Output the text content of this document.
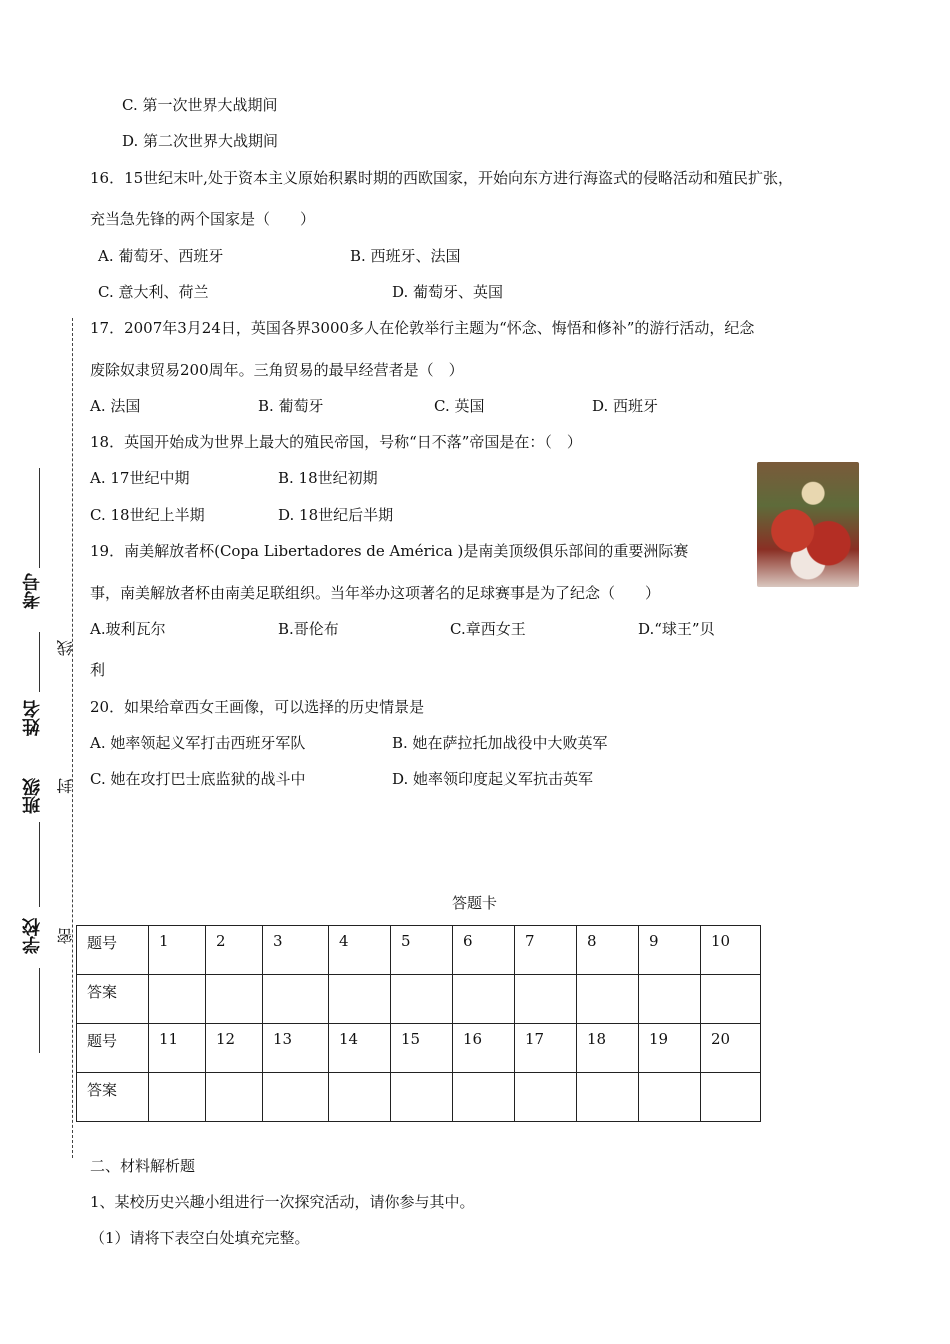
C. 第一次世界大战期间
D. 第二次世界大战期间
16．15世纪末叶,处于资本主义原始积累时期的西欧国家，开始向东方进行海盗式的侵略活动和殖民扩张，
充当急先锋的两个国家是（　　）
A. 葡萄牙、西班牙	B. 西班牙、法国
C. 意大利、荷兰	D. 葡萄牙、英国
17．2007年3月24日，英国各界3000多人在伦敦举行主题为“怀念、悔悟和修补”的游行活动，纪念
废除奴隶贸易200周年。三角贸易的最早经营者是（　）
A. 法国	B. 葡萄牙	C. 英国	D. 西班牙
18．英国开始成为世界上最大的殖民帝国，号称“日不落”帝国是在：（　）
A. 17世纪中期	B. 18世纪初期
C. 18世纪上半期	D. 18世纪后半期
19．南美解放者杯(Copa Libertadores de América )是南美顶级俱乐部间的重要洲际赛
事，南美解放者杯由南美足联组织。当年举办这项著名的足球赛事是为了纪念（　　）
A.玻利瓦尔	B.哥伦布	C.章西女王	D.“球王”贝
利
20．如果给章西女王画像，可以选择的历史情景是
A. 她率领起义军打击西班牙军队	B. 她在萨拉托加战役中大败英军
C. 她在攻打巴士底监狱的战斗中	D. 她率领印度起义军抗击英军
考号
姓名
班级
学校
线
封
密
答题卡
题号	1	2	3	4	5	6	7	8	9	10
答案										
题号	11	12	13	14	15	16	17	18	19	20
答案										
二、材料解析题
1、某校历史兴趣小组进行一次探究活动，请你参与其中。
（1）请将下表空白处填充完整。
